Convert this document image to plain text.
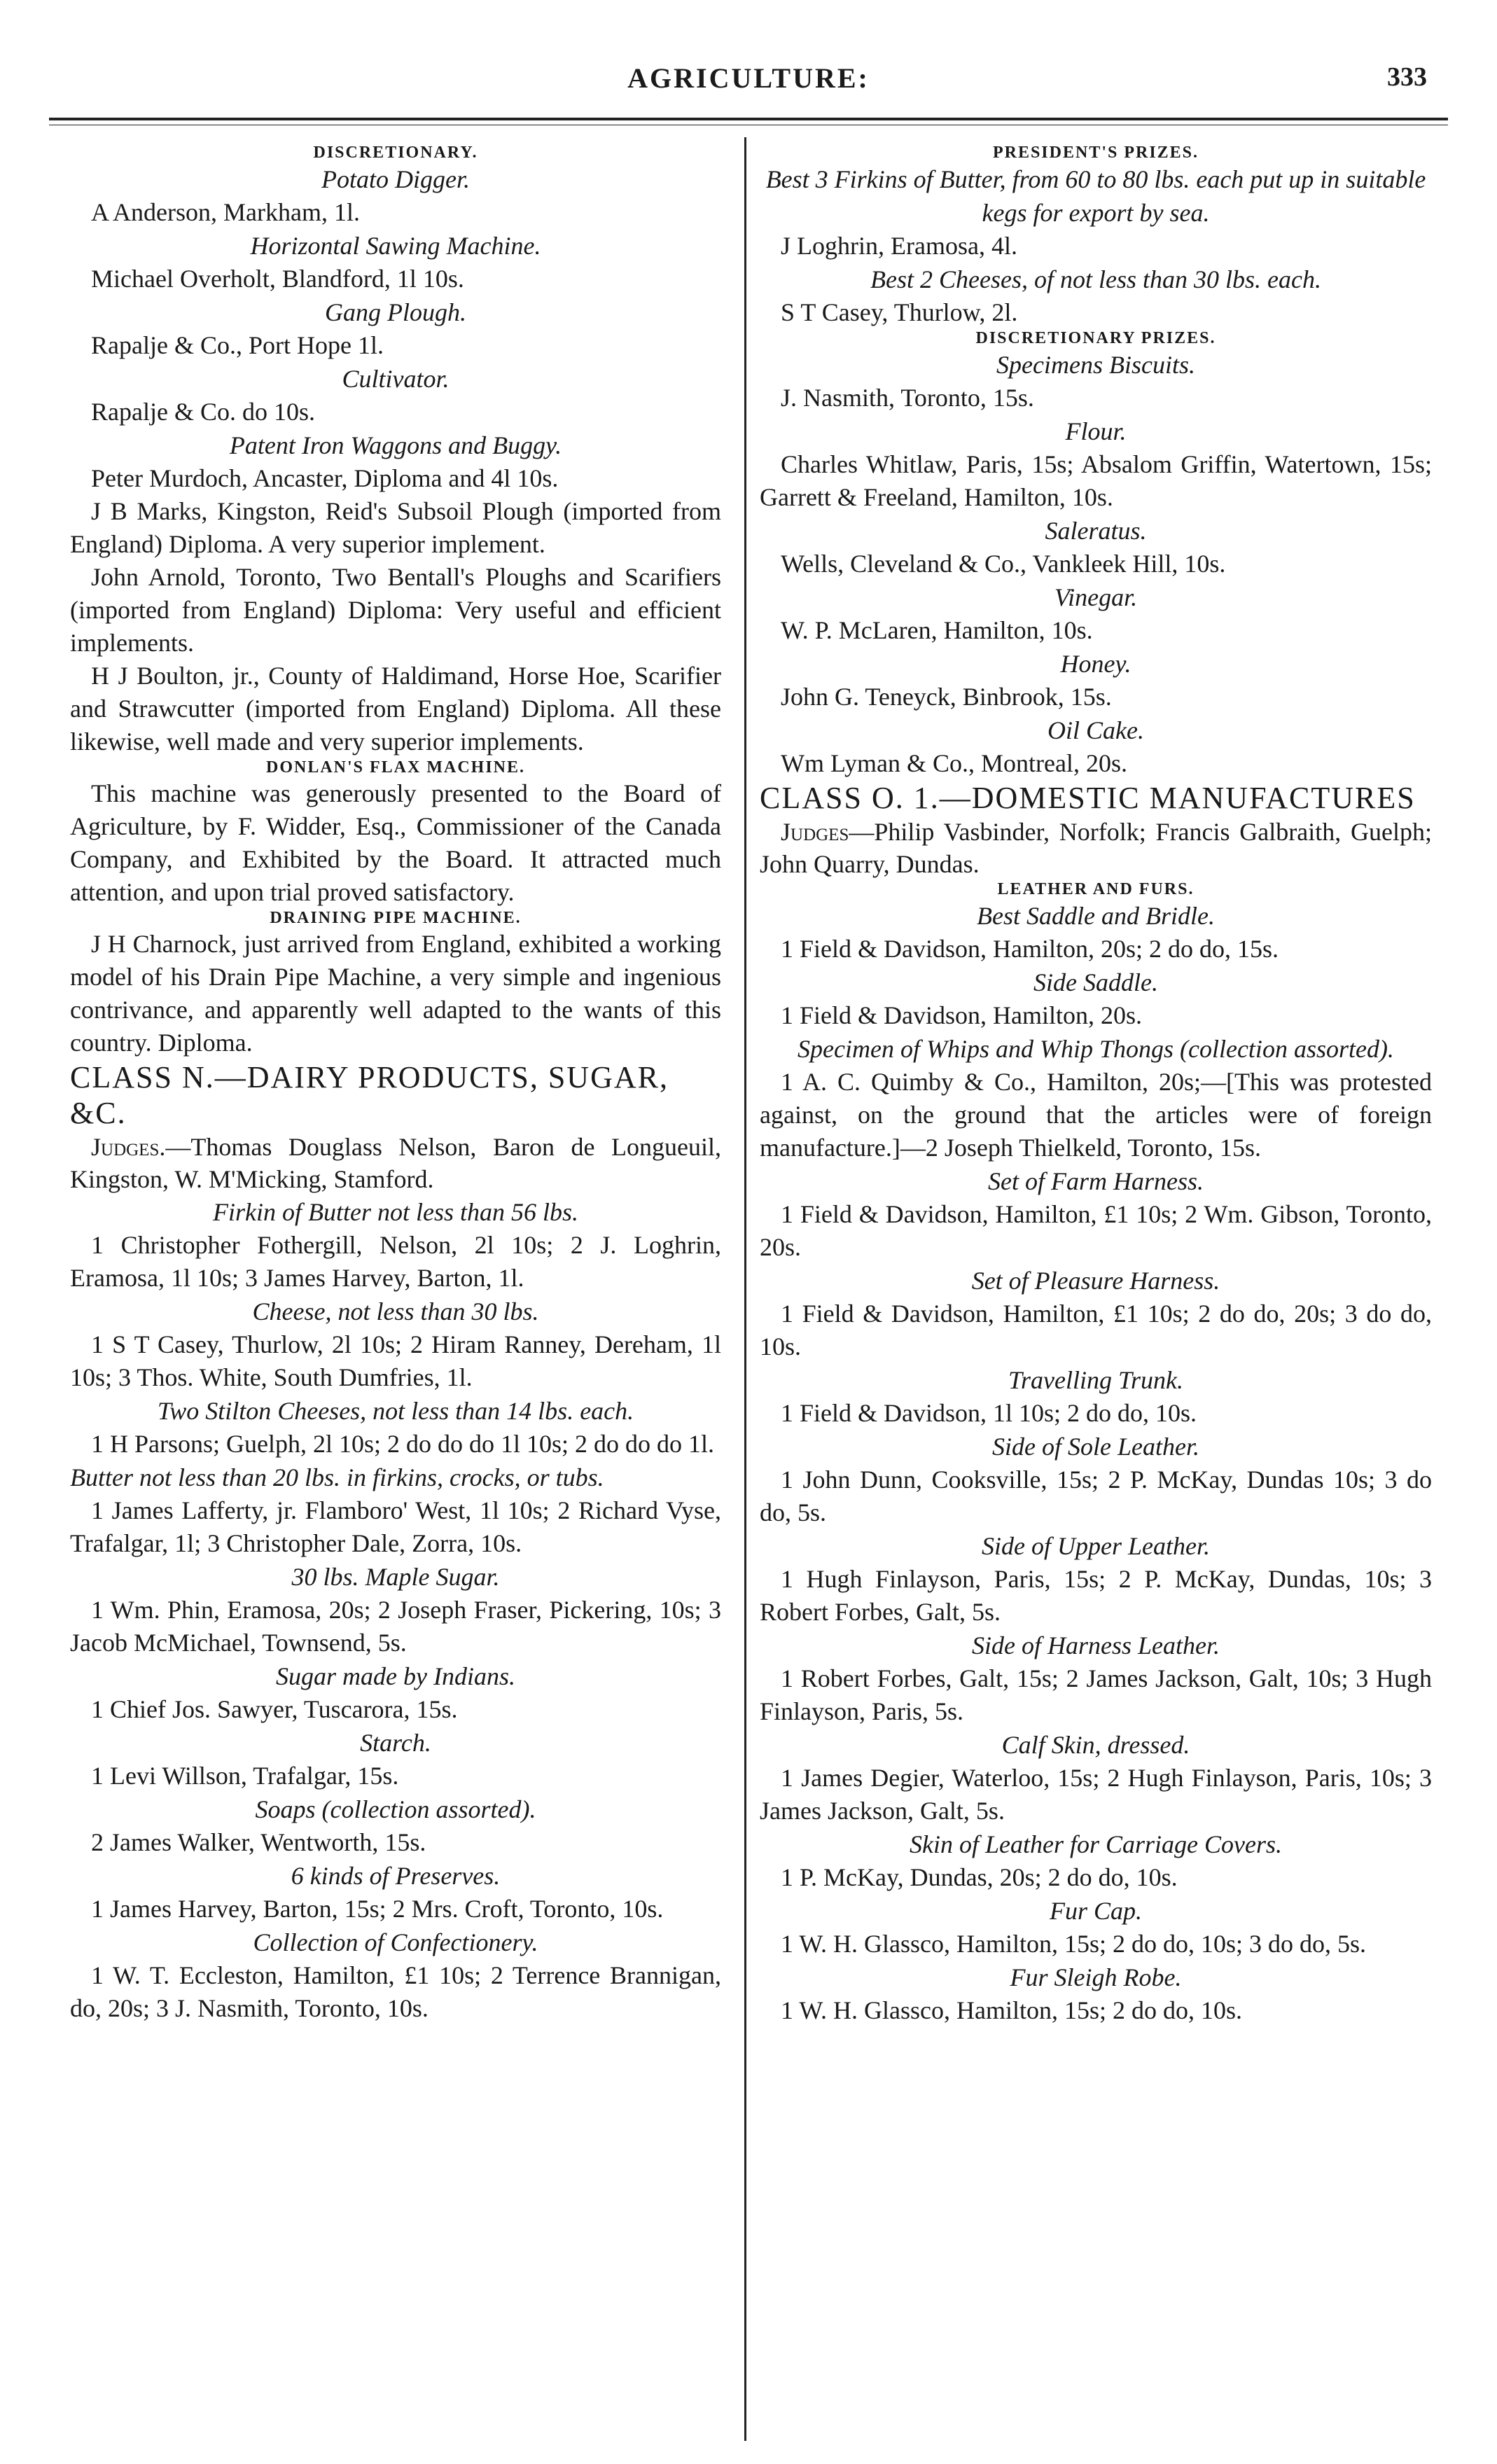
AGRICULTURE:	333

DISCRETIONARY.

Potato Digger.

A Anderson, Markham, 1l.

Horizontal Sawing Machine.

Michael Overholt, Blandford, 1l 10s.

Gang Plough.

Rapalje & Co., Port Hope 1l.

Cultivator.

Rapalje & Co. do 10s.

Patent Iron Waggons and Buggy.

Peter Murdoch, Ancaster, Diploma and 4l 10s.

J B Marks, Kingston, Reid's Subsoil Plough (imported from England) Diploma. A very superior implement.

John Arnold, Toronto, Two Bentall's Ploughs and Scarifiers (imported from England) Diploma: Very useful and efficient implements.

H J Boulton, jr., County of Haldimand, Horse Hoe, Scarifier and Strawcutter (imported from England) Diploma. All these likewise, well made and very superior implements.

DONLAN'S FLAX MACHINE.

This machine was generously presented to the Board of Agriculture, by F. Widder, Esq., Commissioner of the Canada Company, and Exhibited by the Board. It attracted much attention, and upon trial proved satisfactory.

DRAINING PIPE MACHINE.

J H Charnock, just arrived from England, exhibited a working model of his Drain Pipe Machine, a very simple and ingenious contrivance, and apparently well adapted to the wants of this country. Diploma.

CLASS N.—DAIRY PRODUCTS, SUGAR, &C.

Judges.—Thomas Douglass Nelson, Baron de Longueuil, Kingston, W. M'Micking, Stamford.

Firkin of Butter not less than 56 lbs.

1 Christopher Fothergill, Nelson, 2l 10s; 2 J. Loghrin, Eramosa, 1l 10s; 3 James Harvey, Barton, 1l.

Cheese, not less than 30 lbs.

1 S T Casey, Thurlow, 2l 10s; 2 Hiram Ranney, Dereham, 1l 10s; 3 Thos. White, South Dumfries, 1l.

Two Stilton Cheeses, not less than 14 lbs. each.

1 H Parsons; Guelph, 2l 10s; 2 do do do 1l 10s; 2 do do do 1l.

Butter not less than 20 lbs. in firkins, crocks, or tubs.

1 James Lafferty, jr. Flamboro' West, 1l 10s; 2 Richard Vyse, Trafalgar, 1l; 3 Christopher Dale, Zorra, 10s.

30 lbs. Maple Sugar.

1 Wm. Phin, Eramosa, 20s; 2 Joseph Fraser, Pickering, 10s; 3 Jacob McMichael, Townsend, 5s.

Sugar made by Indians.

1 Chief Jos. Sawyer, Tuscarora, 15s.

Starch.

1 Levi Willson, Trafalgar, 15s.

Soaps (collection assorted).

2 James Walker, Wentworth, 15s.

6 kinds of Preserves.

1 James Harvey, Barton, 15s; 2 Mrs. Croft, Toronto, 10s.

Collection of Confectionery.

1 W. T. Eccleston, Hamilton, £1 10s; 2 Terrence Brannigan, do, 20s; 3 J. Nasmith, Toronto, 10s.

PRESIDENT'S PRIZES.

Best 3 Firkins of Butter, from 60 to 80 lbs. each put up in suitable kegs for export by sea.

J Loghrin, Eramosa, 4l.

Best 2 Cheeses, of not less than 30 lbs. each.

S T Casey, Thurlow, 2l.

DISCRETIONARY PRIZES.

Specimens Biscuits.

J. Nasmith, Toronto, 15s.

Flour.

Charles Whitlaw, Paris, 15s; Absalom Griffin, Watertown, 15s; Garrett & Freeland, Hamilton, 10s.

Saleratus.

Wells, Cleveland & Co., Vankleek Hill, 10s.

Vinegar.

W. P. McLaren, Hamilton, 10s.

Honey.

John G. Teneyck, Binbrook, 15s.

Oil Cake.

Wm Lyman & Co., Montreal, 20s.

CLASS O. 1.—DOMESTIC MANUFACTURES

Judges—Philip Vasbinder, Norfolk; Francis Galbraith, Guelph; John Quarry, Dundas.

LEATHER AND FURS.

Best Saddle and Bridle.

1 Field & Davidson, Hamilton, 20s; 2 do do, 15s.

Side Saddle.

1 Field & Davidson, Hamilton, 20s.

Specimen of Whips and Whip Thongs (collection assorted).

1 A. C. Quimby & Co., Hamilton, 20s;—[This was protested against, on the ground that the articles were of foreign manufacture.]—2 Joseph Thielkeld, Toronto, 15s.

Set of Farm Harness.

1 Field & Davidson, Hamilton, £1 10s; 2 Wm. Gibson, Toronto, 20s.

Set of Pleasure Harness.

1 Field & Davidson, Hamilton, £1 10s; 2 do do, 20s; 3 do do, 10s.

Travelling Trunk.

1 Field & Davidson, 1l 10s; 2 do do, 10s.

Side of Sole Leather.

1 John Dunn, Cooksville, 15s; 2 P. McKay, Dundas 10s; 3 do do, 5s.

Side of Upper Leather.

1 Hugh Finlayson, Paris, 15s; 2 P. McKay, Dundas, 10s; 3 Robert Forbes, Galt, 5s.

Side of Harness Leather.

1 Robert Forbes, Galt, 15s; 2 James Jackson, Galt, 10s; 3 Hugh Finlayson, Paris, 5s.

Calf Skin, dressed.

1 James Degier, Waterloo, 15s; 2 Hugh Finlayson, Paris, 10s; 3 James Jackson, Galt, 5s.

Skin of Leather for Carriage Covers.

1 P. McKay, Dundas, 20s; 2 do do, 10s.

Fur Cap.

1 W. H. Glassco, Hamilton, 15s; 2 do do, 10s; 3 do do, 5s.

Fur Sleigh Robe.

1 W. H. Glassco, Hamilton, 15s; 2 do do, 10s.
